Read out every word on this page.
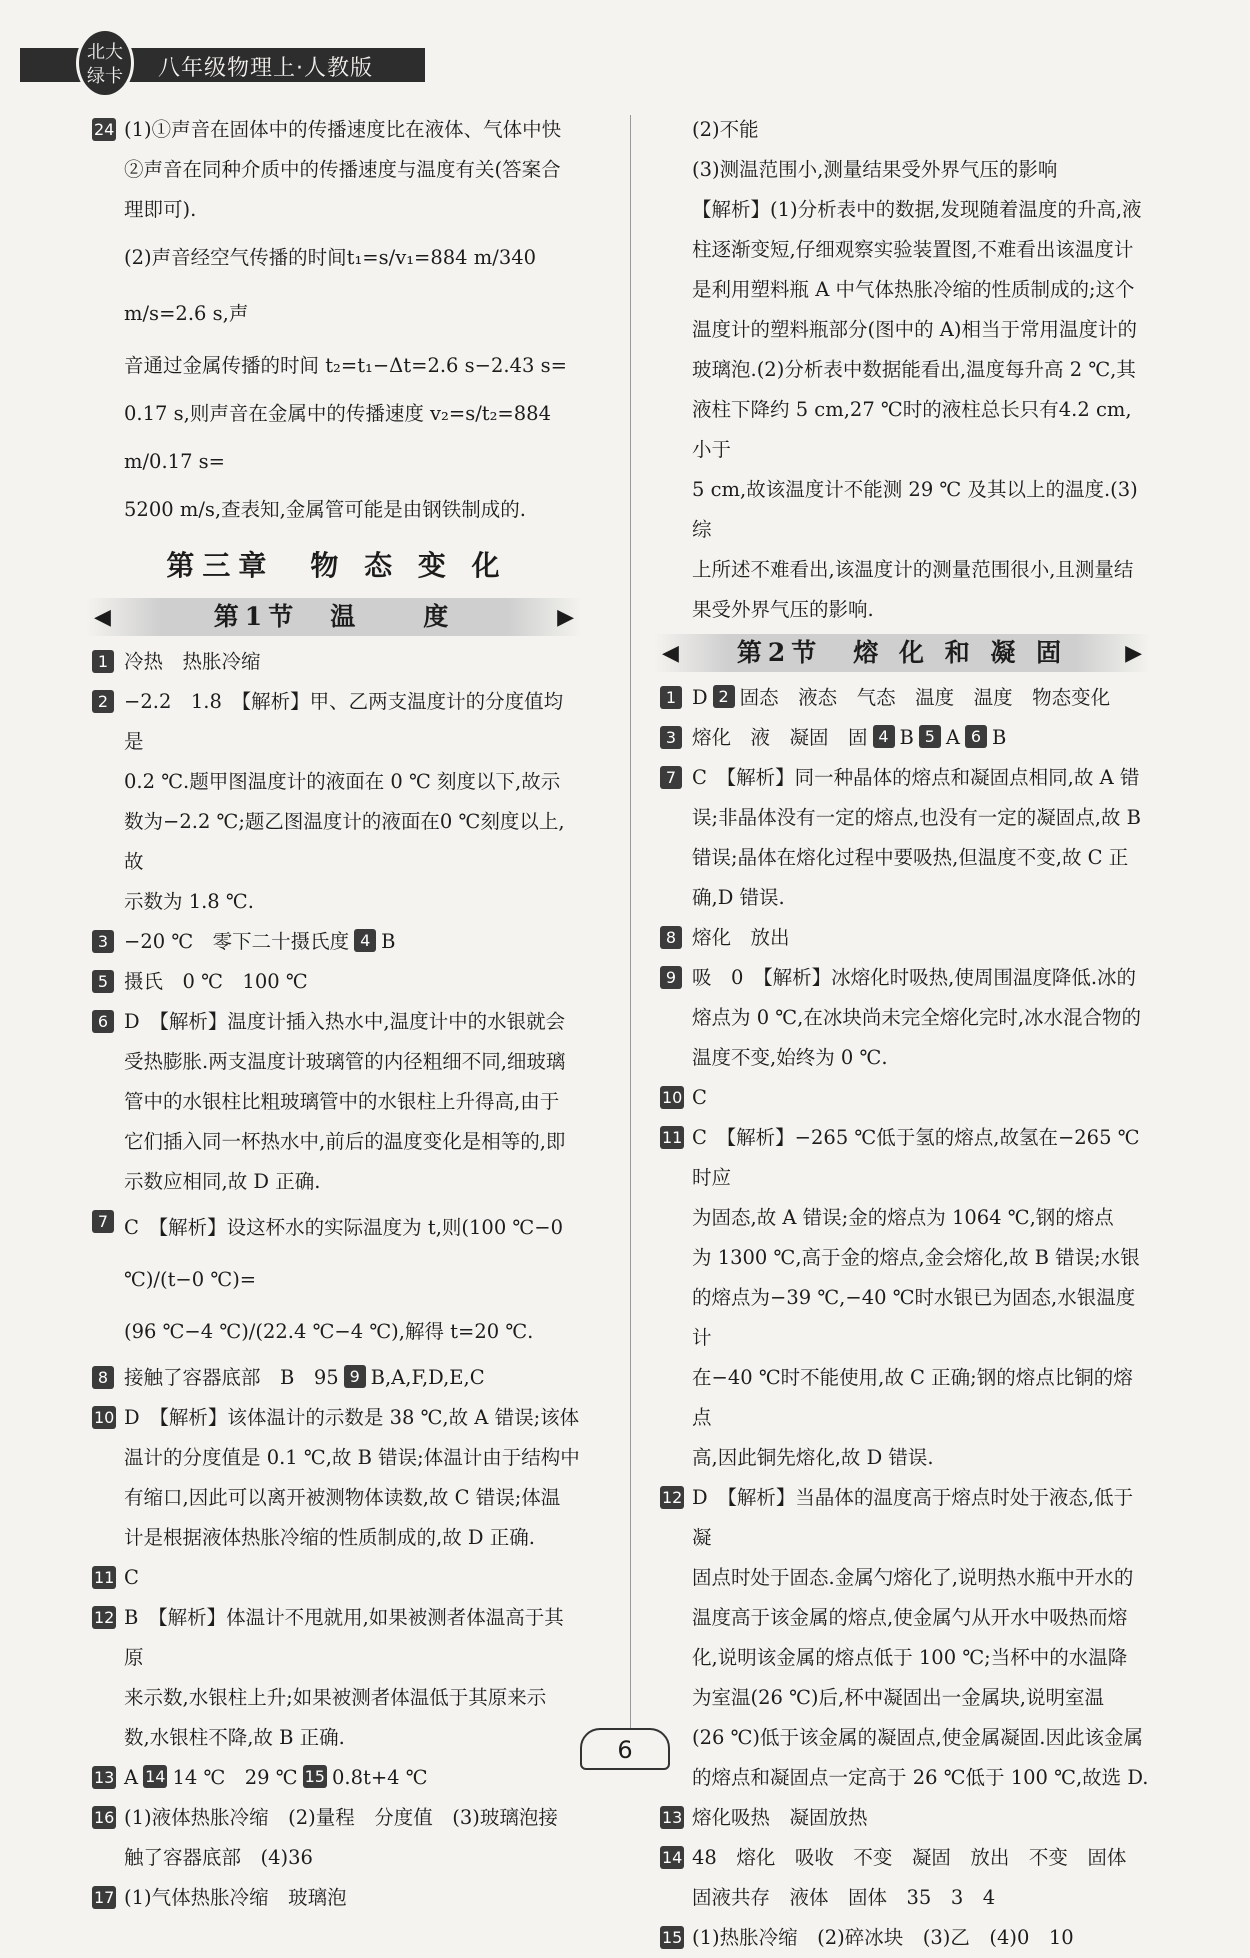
北大绿卡	八年级物理上·人教版
24 (1)①声音在固体中的传播速度比在液体、气体中快

②声音在同种介质中的传播速度与温度有关(答案合

理即可).

(2)声音经空气传播的时间t₁=s/v₁=884 m/340 m/s=2.6 s,声

音通过金属传播的时间 t₂=t₁−Δt=2.6 s−2.43 s=

0.17 s,则声音在金属中的传播速度 v₂=s/t₂=884 m/0.17 s=

5200 m/s,查表知,金属管可能是由钢铁制成的.

第三章　物 态 变 化
◀	第1节　温　　度	▶
1 冷热　热胀冷缩

2 −2.2　1.8　【解析】甲、乙两支温度计的分度值均是

0.2 ℃.题甲图温度计的液面在 0 ℃ 刻度以下,故示

数为−2.2 ℃;题乙图温度计的液面在0 ℃刻度以上,故

示数为 1.8 ℃.

3 −20 ℃　零下二十摄氏度 4 B

5 摄氏　0 ℃　100 ℃

6 D　【解析】温度计插入热水中,温度计中的水银就会

受热膨胀.两支温度计玻璃管的内径粗细不同,细玻璃

管中的水银柱比粗玻璃管中的水银柱上升得高,由于

它们插入同一杯热水中,前后的温度变化是相等的,即

示数应相同,故 D 正确.

7 C　【解析】设这杯水的实际温度为 t,则(100 ℃−0 ℃)/(t−0 ℃)=

(96 ℃−4 ℃)/(22.4 ℃−4 ℃),解得 t=20 ℃.

8 接触了容器底部　B　95 9 B,A,F,D,E,C

10 D　【解析】该体温计的示数是 38 ℃,故 A 错误;该体

温计的分度值是 0.1 ℃,故 B 错误;体温计由于结构中

有缩口,因此可以离开被测物体读数,故 C 错误;体温

计是根据液体热胀冷缩的性质制成的,故 D 正确.

11 C

12 B　【解析】体温计不甩就用,如果被测者体温高于其原

来示数,水银柱上升;如果被测者体温低于其原来示

数,水银柱不降,故 B 正确.

13 A 14 14 ℃　29 ℃ 15 0.8t+4 ℃

16 (1)液体热胀冷缩　(2)量程　分度值　(3)玻璃泡接

触了容器底部　(4)36

17 (1)气体热胀冷缩　玻璃泡

(2)不能

(3)测温范围小,测量结果受外界气压的影响

【解析】(1)分析表中的数据,发现随着温度的升高,液

柱逐渐变短,仔细观察实验装置图,不难看出该温度计

是利用塑料瓶 A 中气体热胀冷缩的性质制成的;这个

温度计的塑料瓶部分(图中的 A)相当于常用温度计的

玻璃泡.(2)分析表中数据能看出,温度每升高 2 ℃,其

液柱下降约 5 cm,27 ℃时的液柱总长只有4.2 cm,小于

5 cm,故该温度计不能测 29 ℃ 及其以上的温度.(3)综

上所述不难看出,该温度计的测量范围很小,且测量结

果受外界气压的影响.

◀ 第2节　熔 化 和 凝 固	▶
1 D 2 固态　液态　气态　温度　温度　物态变化

3 熔化　液　凝固　固 4 B 5 A 6 B

7 C　【解析】同一种晶体的熔点和凝固点相同,故 A 错

误;非晶体没有一定的熔点,也没有一定的凝固点,故 B

错误;晶体在熔化过程中要吸热,但温度不变,故 C 正

确,D 错误.

8 熔化　放出

9 吸　0　【解析】冰熔化时吸热,使周围温度降低.冰的

熔点为 0 ℃,在冰块尚未完全熔化完时,冰水混合物的

温度不变,始终为 0 ℃.

10 C

11 C　【解析】−265 ℃低于氢的熔点,故氢在−265 ℃时应

为固态,故 A 错误;金的熔点为 1064 ℃,钢的熔点

为 1300 ℃,高于金的熔点,金会熔化,故 B 错误;水银

的熔点为−39 ℃,−40 ℃时水银已为固态,水银温度计

在−40 ℃时不能使用,故 C 正确;钢的熔点比铜的熔点

高,因此铜先熔化,故 D 错误.

12 D　【解析】当晶体的温度高于熔点时处于液态,低于凝

固点时处于固态.金属勺熔化了,说明热水瓶中开水的

温度高于该金属的熔点,使金属勺从开水中吸热而熔

化,说明该金属的熔点低于 100 ℃;当杯中的水温降

为室温(26 ℃)后,杯中凝固出一金属块,说明室温

(26 ℃)低于该金属的凝固点,使金属凝固.因此该金属

的熔点和凝固点一定高于 26 ℃低于 100 ℃,故选 D.

13 熔化吸热　凝固放热

14 48　熔化　吸收　不变　凝固　放出　不变　固体

固液共存　液体　固体　35　3　4

15 (1)热胀冷缩　(2)碎冰块　(3)乙　(4)0　10

6
